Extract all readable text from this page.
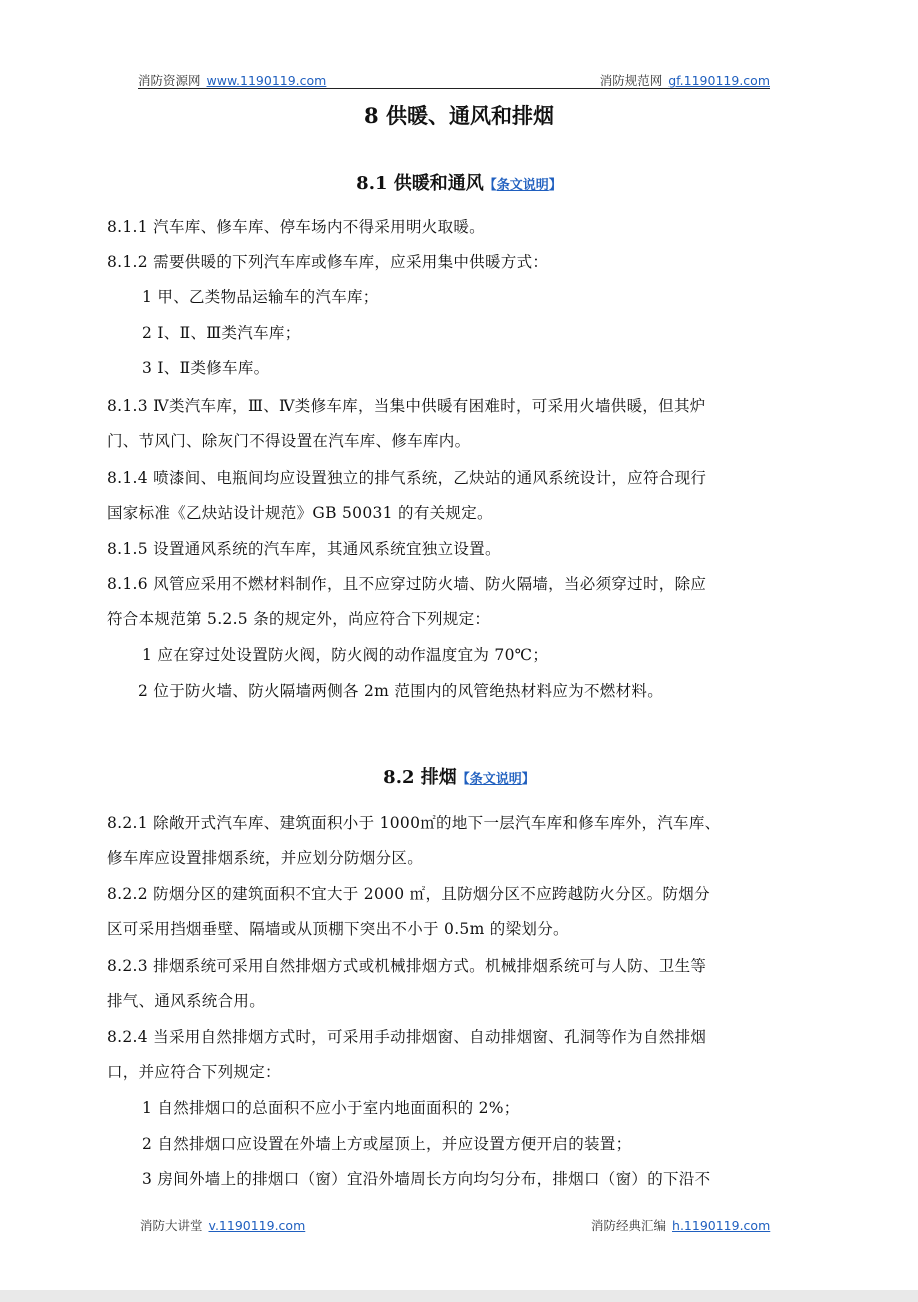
消防资源网 www.1190119.com	消防规范网 gf.1190119.com
8 供暖、通风和排烟
8.1 供暖和通风【条文说明】

8.1.1 汽车库、修车库、停车场内不得采用明火取暖。

8.1.2 需要供暖的下列汽车库或修车库，应采用集中供暖方式：

1 甲、乙类物品运输车的汽车库；

2 Ⅰ、Ⅱ、Ⅲ类汽车库；

3 Ⅰ、Ⅱ类修车库。

8.1.3 Ⅳ类汽车库，Ⅲ、Ⅳ类修车库，当集中供暖有困难时，可采用火墙供暖，但其炉

门、节风门、除灰门不得设置在汽车库、修车库内。

8.1.4 喷漆间、电瓶间均应设置独立的排气系统，乙炔站的通风系统设计，应符合现行

国家标准《乙炔站设计规范》GB 50031 的有关规定。

8.1.5 设置通风系统的汽车库，其通风系统宜独立设置。

8.1.6 风管应采用不燃材料制作，且不应穿过防火墙、防火隔墙，当必须穿过时，除应

符合本规范第 5.2.5 条的规定外，尚应符合下列规定：

1 应在穿过处设置防火阀，防火阀的动作温度宜为 70℃；

2 位于防火墙、防火隔墙两侧各 2m 范围内的风管绝热材料应为不燃材料。

8.2 排烟【条文说明】

8.2.1 除敞开式汽车库、建筑面积小于 1000㎡的地下一层汽车库和修车库外，汽车库、

修车库应设置排烟系统，并应划分防烟分区。

8.2.2 防烟分区的建筑面积不宜大于 2000 ㎡，且防烟分区不应跨越防火分区。防烟分

区可采用挡烟垂壁、隔墙或从顶棚下突出不小于 0.5m 的梁划分。

8.2.3 排烟系统可采用自然排烟方式或机械排烟方式。机械排烟系统可与人防、卫生等

排气、通风系统合用。

8.2.4 当采用自然排烟方式时，可采用手动排烟窗、自动排烟窗、孔洞等作为自然排烟

口，并应符合下列规定：

1 自然排烟口的总面积不应小于室内地面面积的 2%；

2 自然排烟口应设置在外墙上方或屋顶上，并应设置方便开启的装置；

3 房间外墙上的排烟口（窗）宜沿外墙周长方向均匀分布，排烟口（窗）的下沿不

消防大讲堂 v.1190119.com	消防经典汇编 h.1190119.com
